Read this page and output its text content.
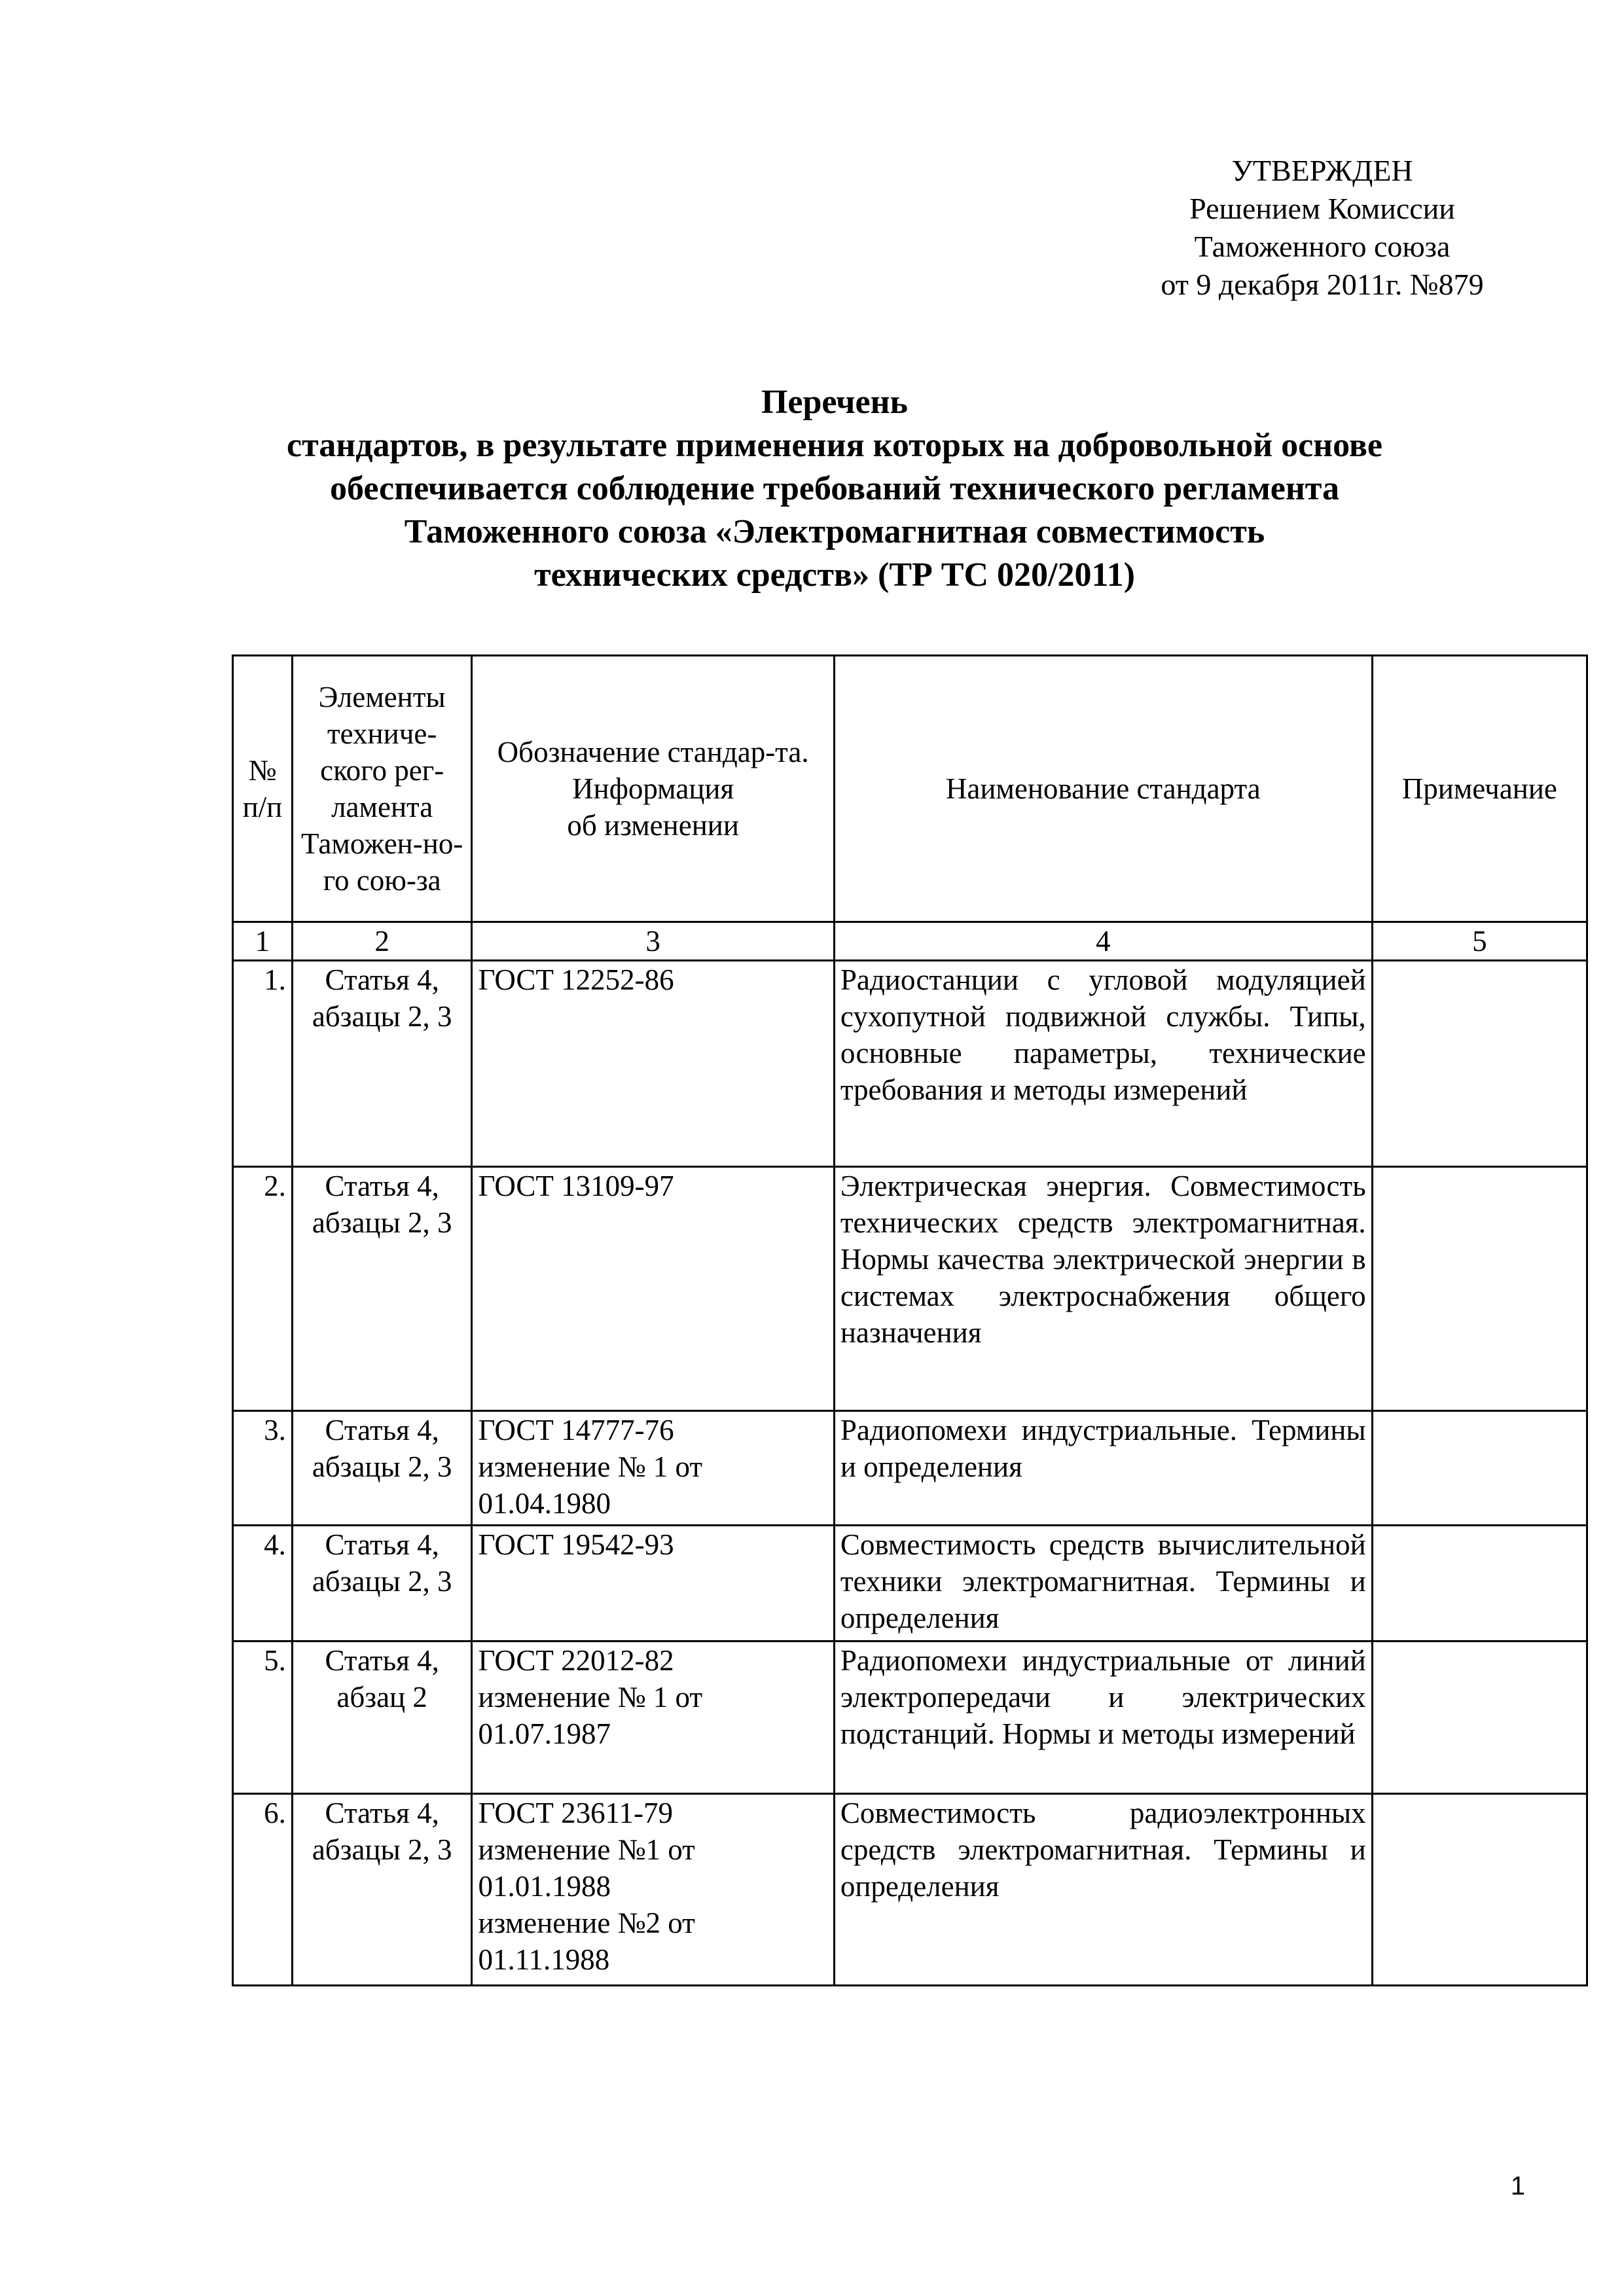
УТВЕРЖДЕН
Решением Комиссии
Таможенного союза
от 9 декабря 2011г. №879
Перечень
стандартов, в результате применения которых на добровольной основе
обеспечивается соблюдение требований технического регламента
Таможенного союза «Электромагнитная совместимость
технических средств» (ТР ТС 020/2011)
№ п/п	Элементы техниче-ского рег-ламента Таможен-но-го сою-за	Обозначение стандар-та.
Информация
об изменении	Наименование стандарта	Примечание
1	2	3	4	5
1.	Статья 4, абзацы 2, 3	ГОСТ 12252-86	Радиостанции с угловой модуляцией сухопутной подвижной службы. Типы, основные параметры, технические требования и методы измерений	
2.	Статья 4, абзацы 2, 3	ГОСТ 13109-97	Электрическая энергия. Совместимость технических средств электромагнитная. Нормы качества электрической энергии в системах электроснабжения общего назначения	
3.	Статья 4, абзацы 2, 3	ГОСТ 14777-76
изменение № 1 от 01.04.1980	Радиопомехи индустриальные. Термины и определения	
4.	Статья 4, абзацы 2, 3	ГОСТ 19542-93	Совместимость средств вычислительной техники электромагнитная. Термины и определения	
5.	Статья 4, абзац 2	ГОСТ 22012-82
изменение № 1 от 01.07.1987	Радиопомехи индустриальные от линий электропередачи и электрических подстанций. Нормы и методы измерений	
6.	Статья 4, абзацы 2, 3	ГОСТ 23611-79
изменение №1 от 01.01.1988
изменение №2 от 01.11.1988	Совместимость радиоэлектронных средств электромагнитная. Термины и определения	
1
